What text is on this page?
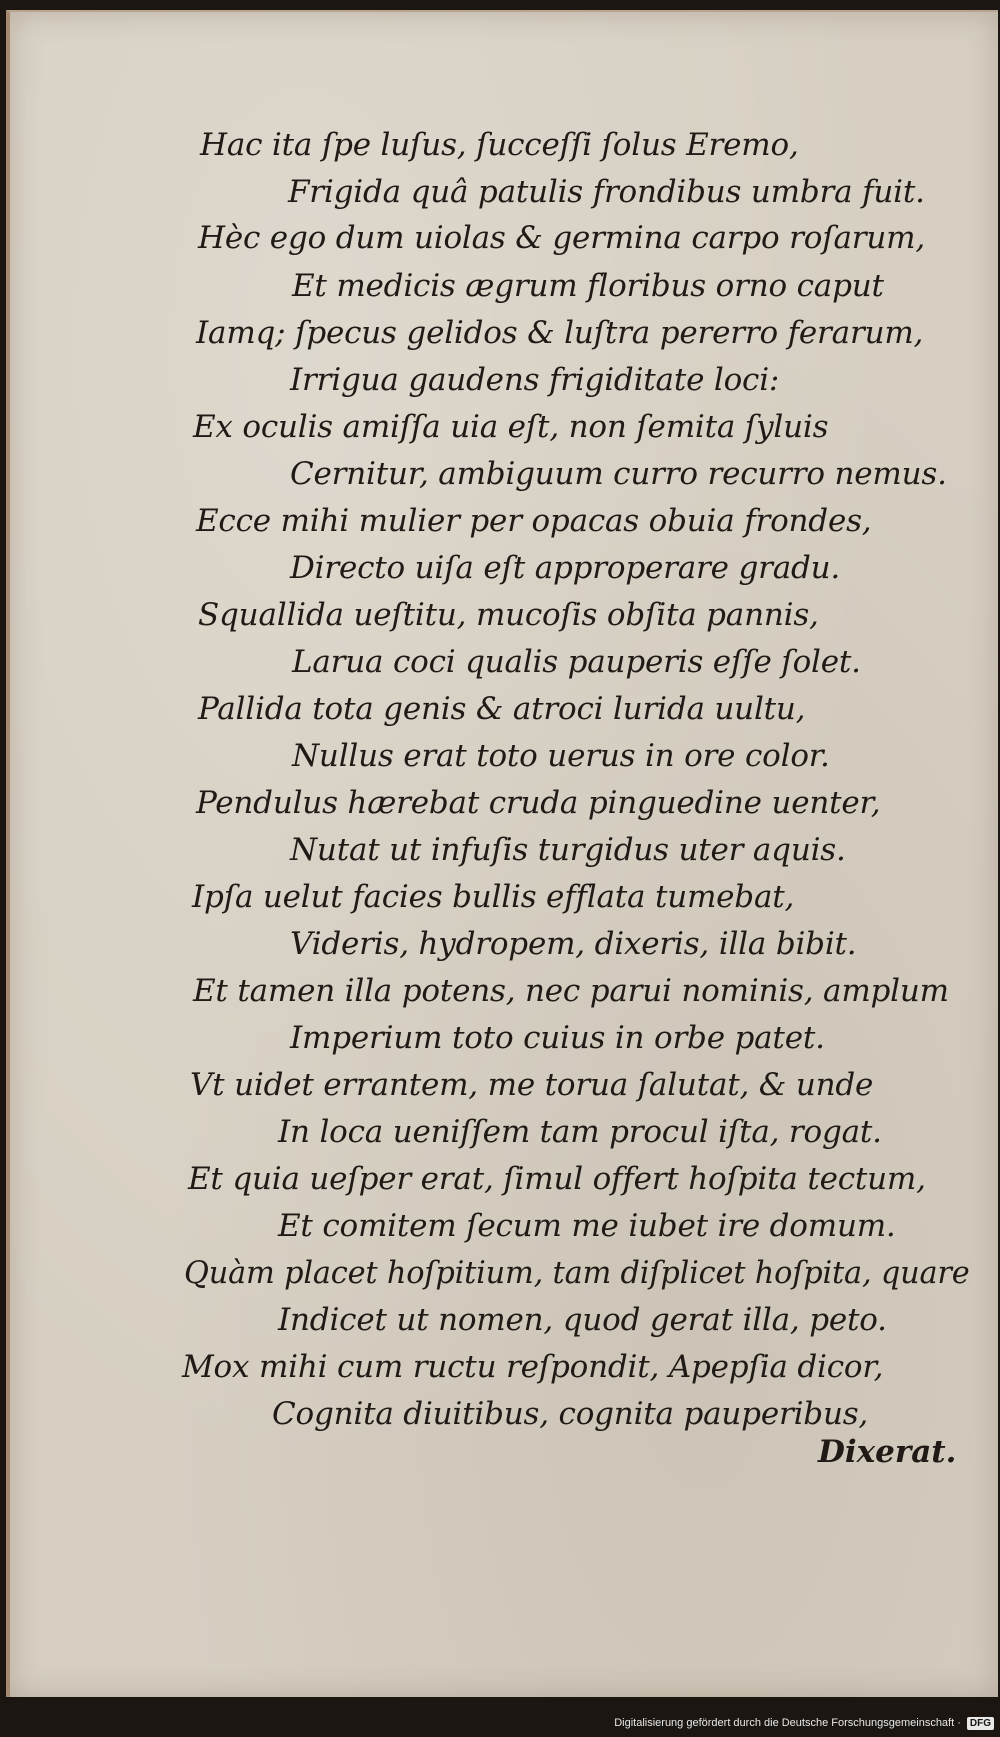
Hac ita ſpe luſus, ſucceſſi ſolus Eremo,
Frigida quâ patulis frondibus umbra fuit.
Hèc ego dum uiolas & germina carpo roſarum,
Et medicis ægrum floribus orno caput
Iamq; ſpecus gelidos & luſtra pererro ferarum,
Irrigua gaudens frigiditate loci:
Ex oculis amiſſa uia eſt, non ſemita ſyluis
Cernitur, ambiguum curro recurro nemus.
Ecce mihi mulier per opacas obuia frondes,
Directo uiſa eſt approperare gradu.
Squallida ueſtitu, mucoſis obſita pannis,
Larua coci qualis pauperis eſſe ſolet.
Pallida tota genis & atroci lurida uultu,
Nullus erat toto uerus in ore color.
Pendulus hærebat cruda pinguedine uenter,
Nutat ut infuſis turgidus uter aquis.
Ipſa uelut facies bullis efflata tumebat,
Videris, hydropem, dixeris, illa bibit.
Et tamen illa potens, nec parui nominis, amplum
Imperium toto cuius in orbe patet.
Vt uidet errantem, me torua ſalutat, & unde
In loca ueniſſem tam procul iſta, rogat.
Et quia ueſper erat, ſimul offert hoſpita tectum,
Et comitem ſecum me iubet ire domum.
Quàm placet hoſpitium, tam diſplicet hoſpita, quare
Indicet ut nomen, quod gerat illa, peto.
Mox mihi cum ructu reſpondit, Apepſia dicor,
Cognita diuitibus, cognita pauperibus,
Dixerat.
Digitalisierung gefördert durch die Deutsche Forschungsgemeinschaft · DFG
